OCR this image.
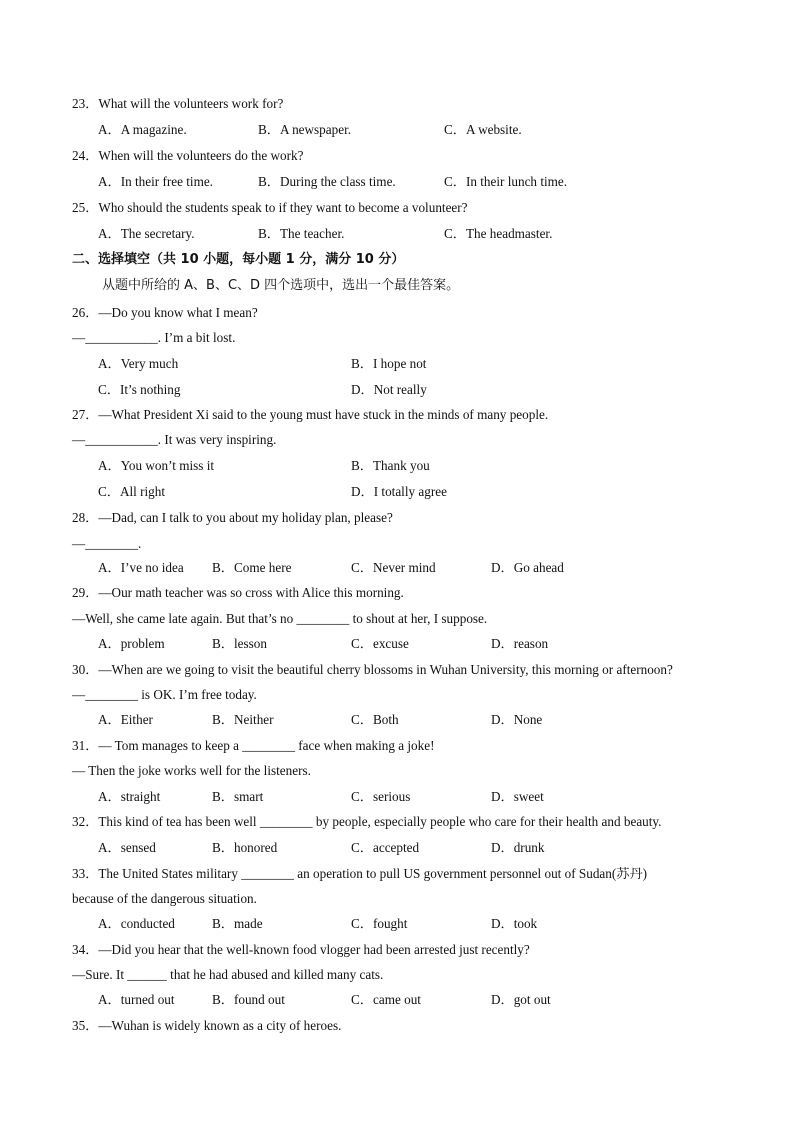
23．What will the volunteers work for?
A．A magazine.	B．A newspaper.	C．A website.
24．When will the volunteers do the work?
A．In their free time.	B．During the class time.	C．In their lunch time.
25．Who should the students speak to if they want to become a volunteer?
A．The secretary.	B．The teacher.	C．The headmaster.
二、选择填空（共 10 小题，每小题 1 分，满分 10 分）
从题中所给的 A、B、C、D 四个选项中，选出一个最佳答案。
26．—Do you know what I mean?
—___________. I’m a bit lost.
A．Very much	B．I hope not
C．It’s nothing	D．Not really
27．—What President Xi said to the young must have stuck in the minds of many people.
—___________. It was very inspiring.
A．You won’t miss it	B．Thank you
C．All right	D．I totally agree
28．—Dad, can I talk to you about my holiday plan, please?
—________.
A．I’ve no idea B．Come here	C．Never mind	D．Go ahead
29．—Our math teacher was so cross with Alice this morning.
—Well, she came late again. But that’s no ________ to shout at her, I suppose.
A．problem	B．lesson	C．excuse	D．reason
30．—When are we going to visit the beautiful cherry blossoms in Wuhan University, this morning or afternoon?
—________ is OK. I’m free today.
A．Either	B．Neither	C．Both	D．None
31．— Tom manages to keep a ________ face when making a joke!
— Then the joke works well for the listeners.
A．straight	B．smart	C．serious	D．sweet
32．This kind of tea has been well ________ by people, especially people who care for their health and beauty.
A．sensed	B．honored	C．accepted	D．drunk
33．The United States military ________ an operation to pull US government personnel out of Sudan(苏丹)
because of the dangerous situation.
A．conducted	B．made	C．fought	D．took
34．—Did you hear that the well-known food vlogger had been arrested just recently?
—Sure. It ______ that he had abused and killed many cats.
A．turned out	B．found out	C．came out	D．got out
35．—Wuhan is widely known as a city of heroes.
